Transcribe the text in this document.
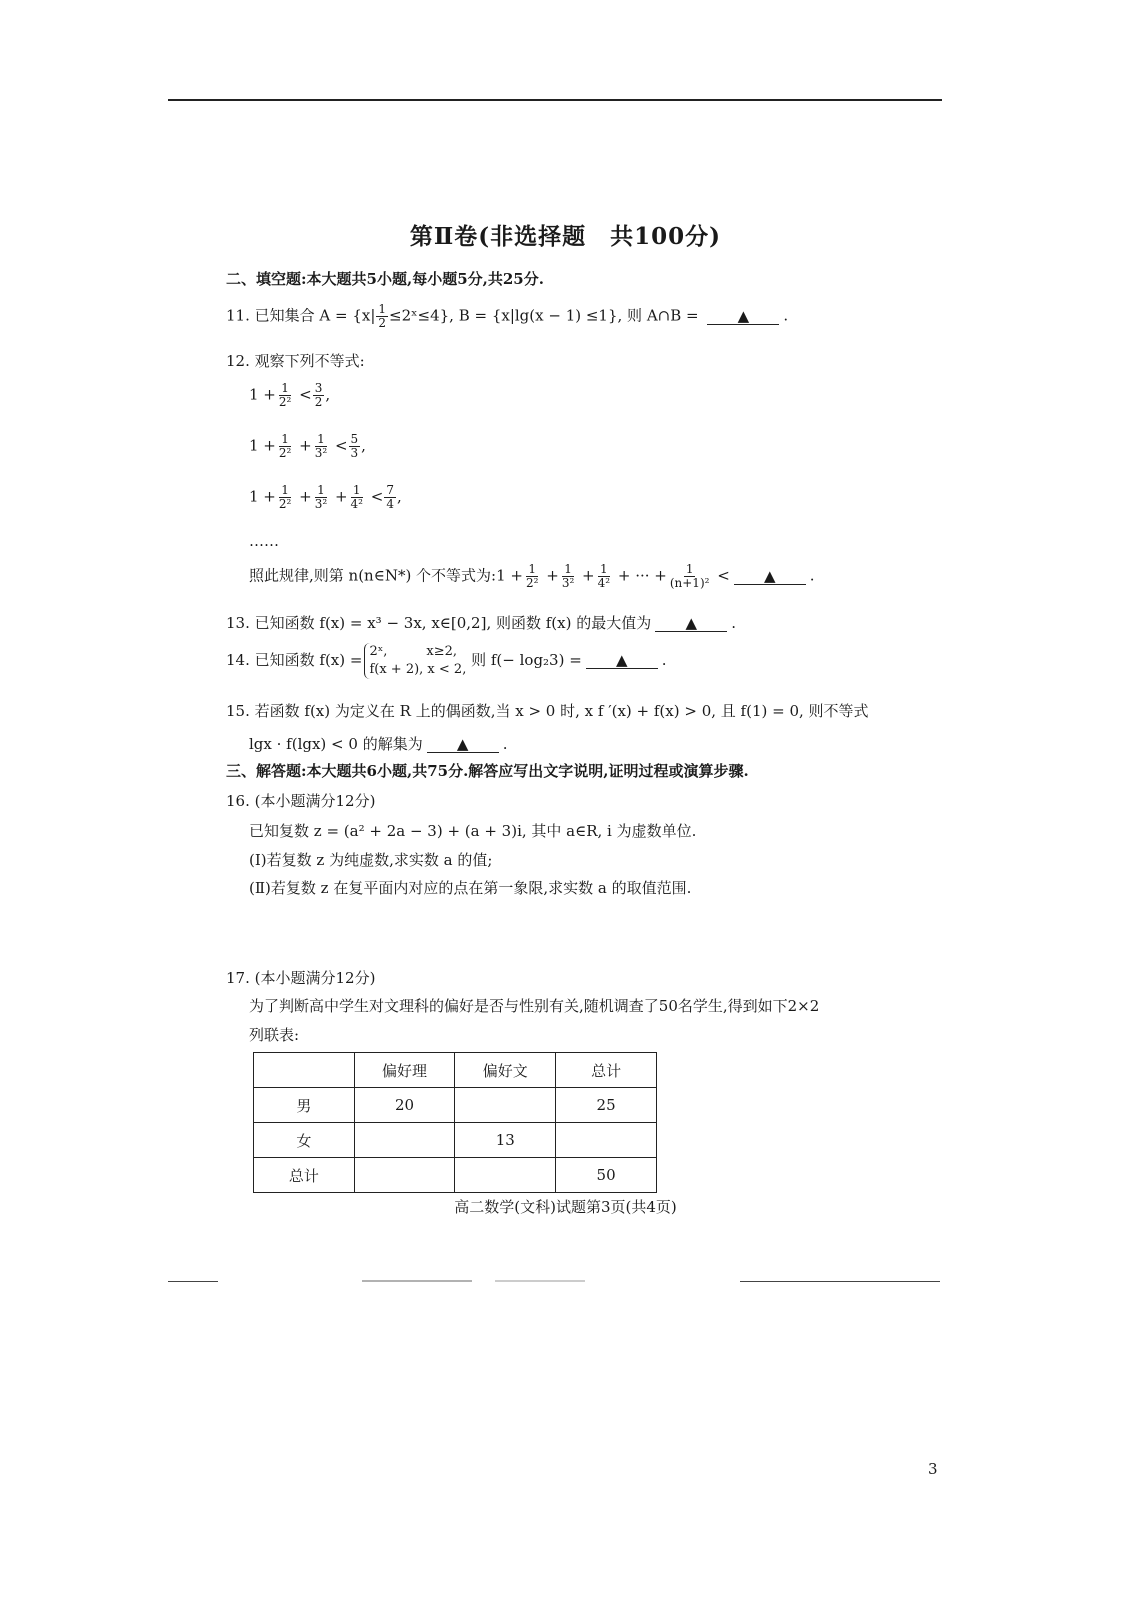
第Ⅱ卷(非选择题　共100分)
二、填空题:本大题共5小题,每小题5分,共25分.
11. 已知集合 $A = \{x| \frac{1}{2}$ ≤2ˣ≤4}, B = {x|lg(x − 1) ≤1}, 则 A∩B =	▲ .
12. 观察下列不等式:
$1 + \frac{1}{\text{2²}} < \frac{3}{2}$ ,
$1 + \frac{1}{\text{2²}} + \frac{1}{\text{3²}} < \frac{5}{3}$ ,
$1 + \frac{1}{\text{2²}} + \frac{1}{\text{3²}} + \frac{1}{\text{4²}} < \frac{7}{4}$ ,
……
照此规律,则第 n(n∈N*) 个不等式为:1 + $\frac{1}{\text{2²}} + \frac{1}{\text{3²}} + \frac{1}{\text{4²}}$ + ··· + $\frac{1}{\text{(n+1)²}}$ < ▲ .
13. 已知函数 f(x) = x³ − 3x, x∈[0,2], 则函数 f(x) 的最大值为 ▲ .
14. 已知函数 f(x) = 2ˣ,　　　x≥2,
f(x + 2), x < 2,
则 f(− log₂3) = ▲ .
15. 若函数 f(x) 为定义在 R 上的偶函数,当 x > 0 时, x f ′(x) + f(x) > 0, 且 f(1) = 0, 则不等式
lgx · f(lgx) < 0 的解集为 ▲ .
三、解答题:本大题共6小题,共75分.解答应写出文字说明,证明过程或演算步骤.
16. (本小题满分12分)
已知复数 z = (a² + 2a − 3) + (a + 3)i, 其中 a∈R, i 为虚数单位.
(Ⅰ)若复数 z 为纯虚数,求实数 a 的值;
(Ⅱ)若复数 z 在复平面内对应的点在第一象限,求实数 a 的取值范围.
17. (本小题满分12分)
为了判断高中学生对文理科的偏好是否与性别有关,随机调查了50名学生,得到如下2×2
列联表:
	偏好理	偏好文	总计
男	20		25
女		13	
总计			50
高二数学(文科)试题第3页(共4页)
3
